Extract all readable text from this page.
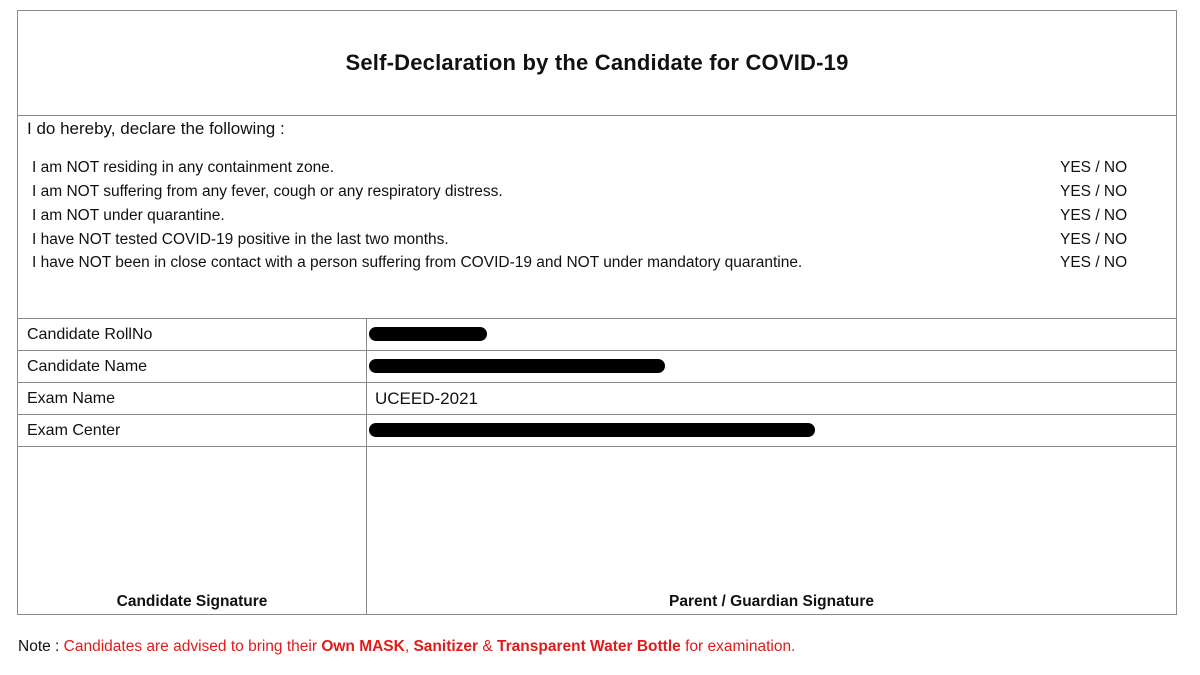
Self-Declaration by the Candidate for COVID-19
I do hereby, declare the following :
I am NOT residing in any containment zone.	YES / NO
I am NOT suffering from any fever, cough or any respiratory distress.	YES / NO
I am NOT under quarantine.	YES / NO
I have NOT tested COVID-19 positive in the last two months.	YES / NO
I have NOT been in close contact with a person suffering from COVID-19 and NOT under mandatory quarantine.	YES / NO
Candidate RollNo
Candidate Name
Exam Name	UCEED-2021
Exam Center
Candidate Signature	Parent / Guardian Signature
Note : Candidates are advised to bring their Own MASK, Sanitizer & Transparent Water Bottle for examination.
